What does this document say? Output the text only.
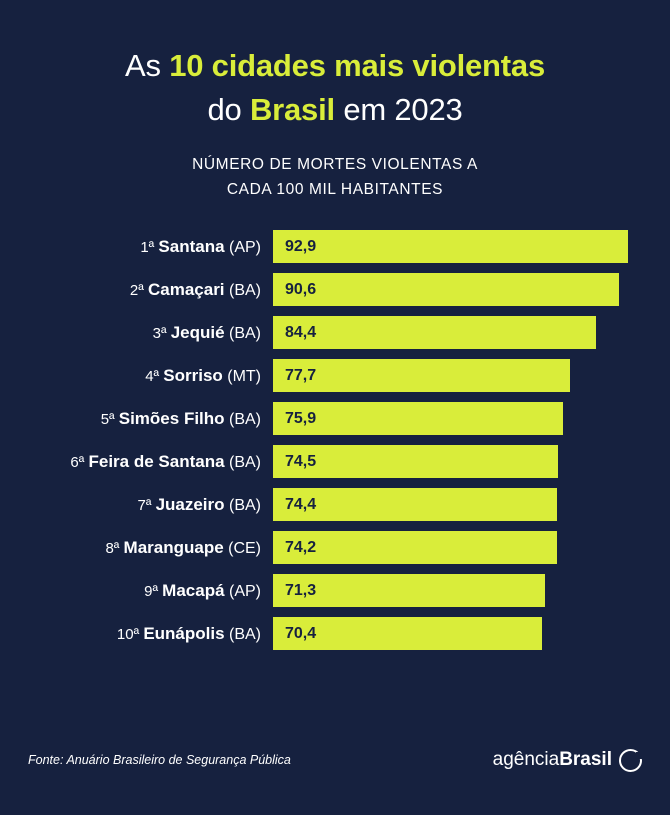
As 10 cidades mais violentas
do Brasil em 2023
NÚMERO DE MORTES VIOLENTAS A
CADA 100 MIL HABITANTES
1ª Santana (AP)	92,9
2ª Camaçari (BA)	90,6
3ª Jequié (BA)	84,4
4ª Sorriso (MT)	77,7
5ª Simões Filho (BA)	75,9
6ª Feira de Santana (BA)	74,5
7ª Juazeiro (BA)	74,4
8ª Maranguape (CE)	74,2
9ª Macapá (AP)	71,3
10ª Eunápolis (BA)	70,4
Fonte: Anuário Brasileiro de Segurança Pública	agência Brasil
